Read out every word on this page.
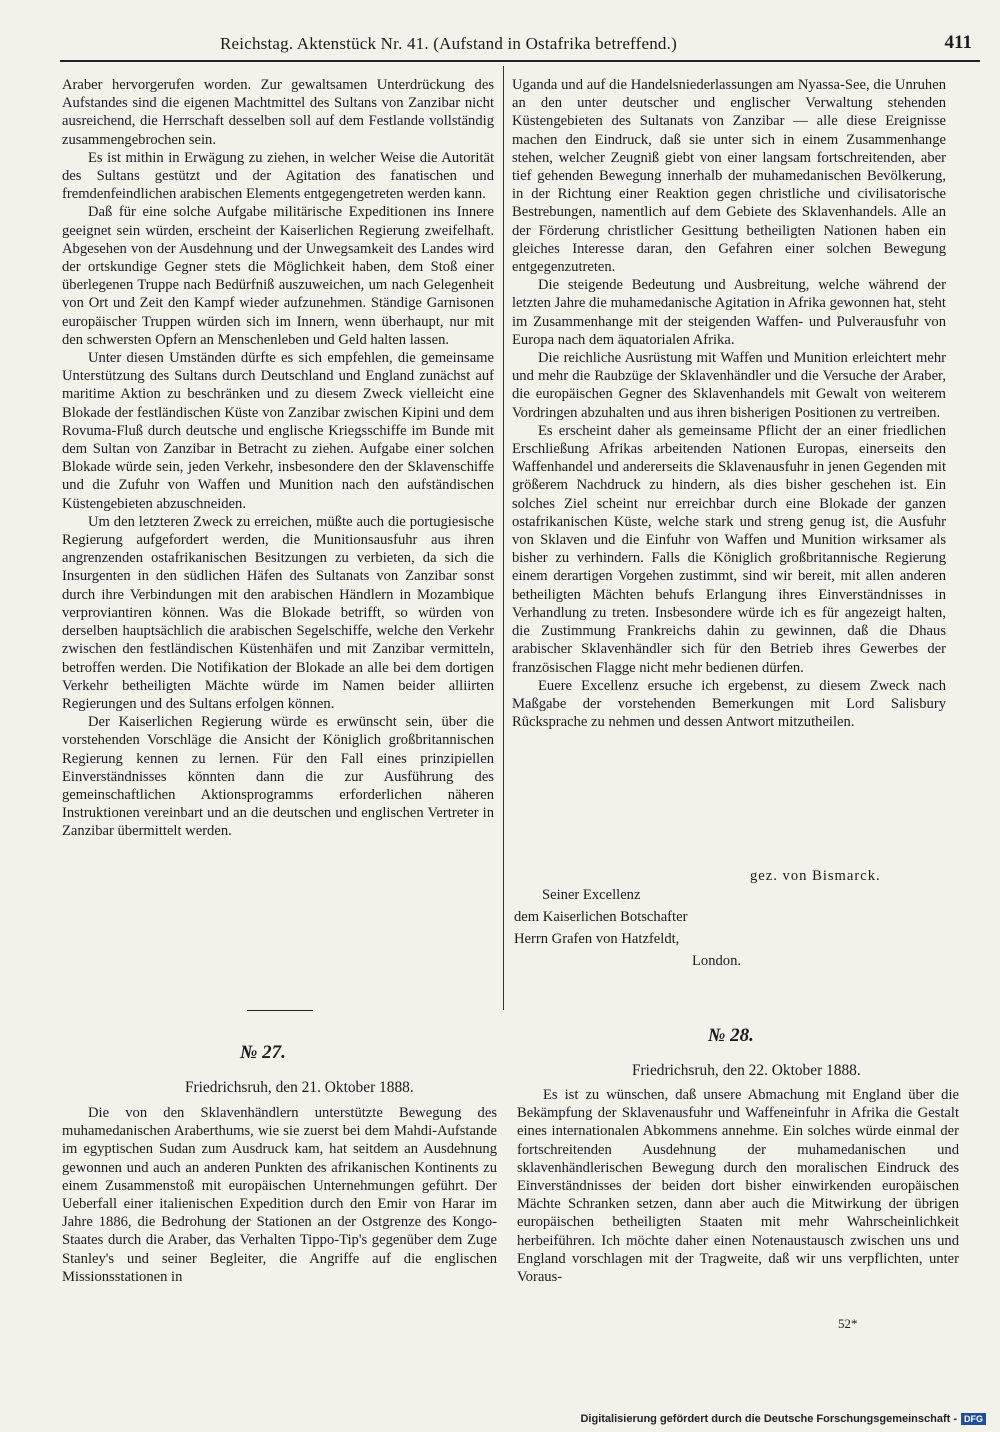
Reichstag. Aktenstück Nr. 41. (Aufstand in Ostafrika betreffend.)	411

Araber hervorgerufen worden. Zur gewaltsamen Unterdrückung des Aufstandes sind die eigenen Machtmittel des Sultans von Zanzibar nicht ausreichend, die Herrschaft desselben soll auf dem Festlande vollständig zusammengebrochen sein.

Es ist mithin in Erwägung zu ziehen, in welcher Weise die Autorität des Sultans gestützt und der Agitation des fanatischen und fremdenfeindlichen arabischen Elements entgegengetreten werden kann.

Daß für eine solche Aufgabe militärische Expeditionen ins Innere geeignet sein würden, erscheint der Kaiserlichen Regierung zweifelhaft. Abgesehen von der Ausdehnung und der Unwegsamkeit des Landes wird der ortskundige Gegner stets die Möglichkeit haben, dem Stoß einer überlegenen Truppe nach Bedürfniß auszuweichen, um nach Gelegenheit von Ort und Zeit den Kampf wieder aufzunehmen. Ständige Garnisonen europäischer Truppen würden sich im Innern, wenn überhaupt, nur mit den schwersten Opfern an Menschenleben und Geld halten lassen.

Unter diesen Umständen dürfte es sich empfehlen, die gemeinsame Unterstützung des Sultans durch Deutschland und England zunächst auf maritime Aktion zu beschränken und zu diesem Zweck vielleicht eine Blokade der festländischen Küste von Zanzibar zwischen Kipini und dem Rovuma-Fluß durch deutsche und englische Kriegsschiffe im Bunde mit dem Sultan von Zanzibar in Betracht zu ziehen. Aufgabe einer solchen Blokade würde sein, jeden Verkehr, insbesondere den der Sklavenschiffe und die Zufuhr von Waffen und Munition nach den aufständischen Küstengebieten abzuschneiden.

Um den letzteren Zweck zu erreichen, müßte auch die portugiesische Regierung aufgefordert werden, die Munitionsausfuhr aus ihren angrenzenden ostafrikanischen Besitzungen zu verbieten, da sich die Insurgenten in den südlichen Häfen des Sultanats von Zanzibar sonst durch ihre Verbindungen mit den arabischen Händlern in Mozambique verproviantiren können. Was die Blokade betrifft, so würden von derselben hauptsächlich die arabischen Segelschiffe, welche den Verkehr zwischen den festländischen Küstenhäfen und mit Zanzibar vermitteln, betroffen werden. Die Notifikation der Blokade an alle bei dem dortigen Verkehr betheiligten Mächte würde im Namen beider alliirten Regierungen und des Sultans erfolgen können.

Der Kaiserlichen Regierung würde es erwünscht sein, über die vorstehenden Vorschläge die Ansicht der Königlich großbritannischen Regierung kennen zu lernen. Für den Fall eines prinzipiellen Einverständnisses könnten dann die zur Ausführung des gemeinschaftlichen Aktionsprogramms erforderlichen näheren Instruktionen vereinbart und an die deutschen und englischen Vertreter in Zanzibar übermittelt werden.

Uganda und auf die Handelsniederlassungen am Nyassa-See, die Unruhen an den unter deutscher und englischer Verwaltung stehenden Küstengebieten des Sultanats von Zanzibar — alle diese Ereignisse machen den Eindruck, daß sie unter sich in einem Zusammenhange stehen, welcher Zeugniß giebt von einer langsam fortschreitenden, aber tief gehenden Bewegung innerhalb der muhamedanischen Bevölkerung, in der Richtung einer Reaktion gegen christliche und civilisatorische Bestrebungen, namentlich auf dem Gebiete des Sklavenhandels. Alle an der Förderung christlicher Gesittung betheiligten Nationen haben ein gleiches Interesse daran, den Gefahren einer solchen Bewegung entgegenzutreten.

Die steigende Bedeutung und Ausbreitung, welche während der letzten Jahre die muhamedanische Agitation in Afrika gewonnen hat, steht im Zusammenhange mit der steigenden Waffen- und Pulverausfuhr von Europa nach dem äquatorialen Afrika.

Die reichliche Ausrüstung mit Waffen und Munition erleichtert mehr und mehr die Raubzüge der Sklavenhändler und die Versuche der Araber, die europäischen Gegner des Sklavenhandels mit Gewalt von weiterem Vordringen abzuhalten und aus ihren bisherigen Positionen zu vertreiben.

Es erscheint daher als gemeinsame Pflicht der an einer friedlichen Erschließung Afrikas arbeitenden Nationen Europas, einerseits den Waffenhandel und andererseits die Sklavenausfuhr in jenen Gegenden mit größerem Nachdruck zu hindern, als dies bisher geschehen ist. Ein solches Ziel scheint nur erreichbar durch eine Blokade der ganzen ostafrikanischen Küste, welche stark und streng genug ist, die Ausfuhr von Sklaven und die Einfuhr von Waffen und Munition wirksamer als bisher zu verhindern. Falls die Königlich großbritannische Regierung einem derartigen Vorgehen zustimmt, sind wir bereit, mit allen anderen betheiligten Mächten behufs Erlangung ihres Einverständnisses in Verhandlung zu treten. Insbesondere würde ich es für angezeigt halten, die Zustimmung Frankreichs dahin zu gewinnen, daß die Dhaus arabischer Sklavenhändler sich für den Betrieb ihres Gewerbes der französischen Flagge nicht mehr bedienen dürfen.

Euere Excellenz ersuche ich ergebenst, zu diesem Zweck nach Maßgabe der vorstehenden Bemerkungen mit Lord Salisbury Rücksprache zu nehmen und dessen Antwort mitzutheilen.

gez. von Bismarck.
Seiner Excellenz
dem Kaiserlichen Botschafter
Herrn Grafen von Hatzfeldt,
London.
№ 27.
Friedrichsruh, den 21. Oktober 1888.

Die von den Sklavenhändlern unterstützte Bewegung des muhamedanischen Araberthums, wie sie zuerst bei dem Mahdi-Aufstande im egyptischen Sudan zum Ausdruck kam, hat seitdem an Ausdehnung gewonnen und auch an anderen Punkten des afrikanischen Kontinents zu einem Zusammenstoß mit europäischen Unternehmungen geführt. Der Ueberfall einer italienischen Expedition durch den Emir von Harar im Jahre 1886, die Bedrohung der Stationen an der Ostgrenze des Kongo-Staates durch die Araber, das Verhalten Tippo-Tip's gegenüber dem Zuge Stanley's und seiner Begleiter, die Angriffe auf die englischen Missionsstationen in

№ 28.
Friedrichsruh, den 22. Oktober 1888.

Es ist zu wünschen, daß unsere Abmachung mit England über die Bekämpfung der Sklavenausfuhr und Waffeneinfuhr in Afrika die Gestalt eines internationalen Abkommens annehme. Ein solches würde einmal der fortschreitenden Ausdehnung der muhamedanischen und sklavenhändlerischen Bewegung durch den moralischen Eindruck des Einverständnisses der beiden dort bisher einwirkenden europäischen Mächte Schranken setzen, dann aber auch die Mitwirkung der übrigen europäischen betheiligten Staaten mit mehr Wahrscheinlichkeit herbeiführen. Ich möchte daher einen Notenaustausch zwischen uns und England vorschlagen mit der Tragweite, daß wir uns verpflichten, unter Voraus-

52*
Digitalisierung gefördert durch die Deutsche Forschungsgemeinschaft - DFG
